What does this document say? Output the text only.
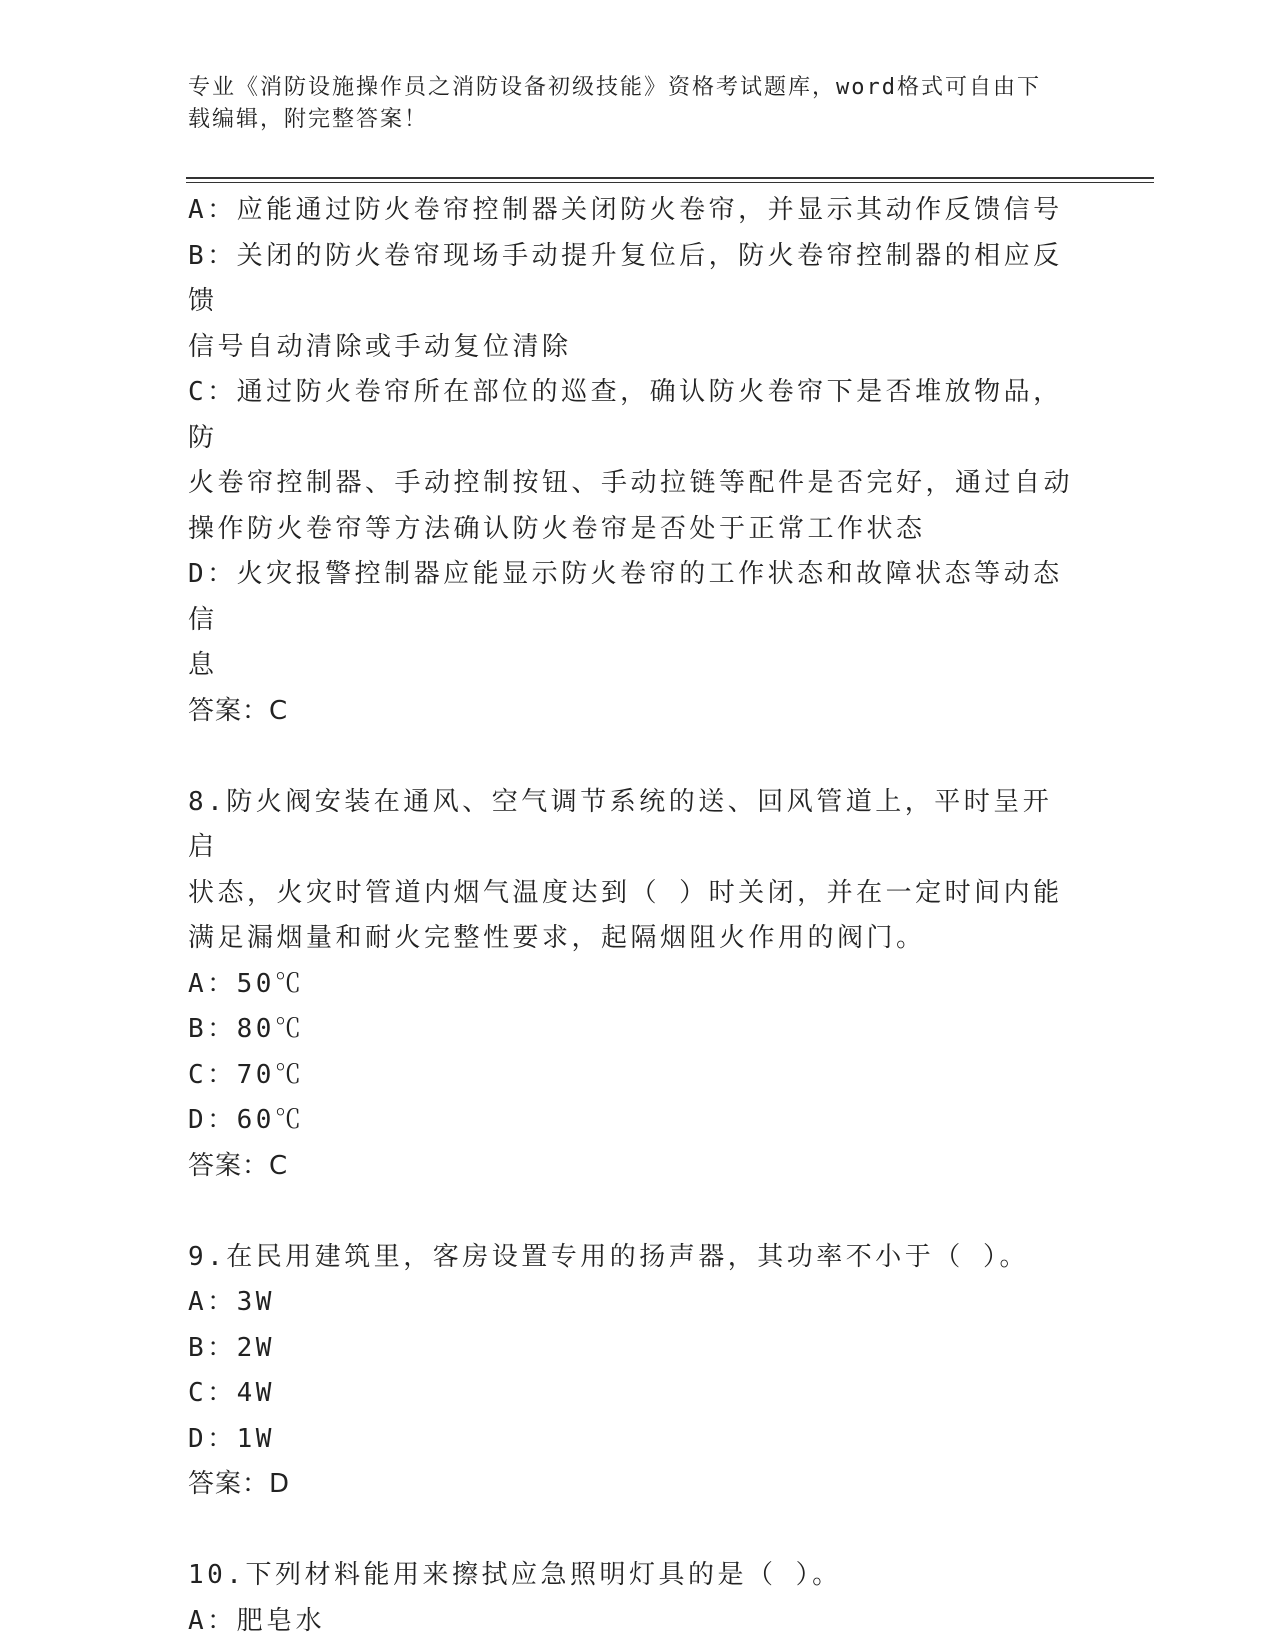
专业《消防设施操作员之消防设备初级技能》资格考试题库，word格式可自由下
载编辑，附完整答案！
A：应能通过防火卷帘控制器关闭防火卷帘，并显示其动作反馈信号
B：关闭的防火卷帘现场手动提升复位后，防火卷帘控制器的相应反馈
信号自动清除或手动复位清除
C：通过防火卷帘所在部位的巡查，确认防火卷帘下是否堆放物品，防
火卷帘控制器、手动控制按钮、手动拉链等配件是否完好，通过自动
操作防火卷帘等方法确认防火卷帘是否处于正常工作状态
D：火灾报警控制器应能显示防火卷帘的工作状态和故障状态等动态信
息
答案：C
8.防火阀安装在通风、空气调节系统的送、回风管道上，平时呈开启
状态，火灾时管道内烟气温度达到（ ）时关闭，并在一定时间内能
满足漏烟量和耐火完整性要求，起隔烟阻火作用的阀门。
A：50℃
B：80℃
C：70℃
D：60℃
答案：C
9.在民用建筑里，客房设置专用的扬声器，其功率不小于（ ）。
A：3W
B：2W
C：4W
D：1W
答案：D
10.下列材料能用来擦拭应急照明灯具的是（ ）。
A：肥皂水
